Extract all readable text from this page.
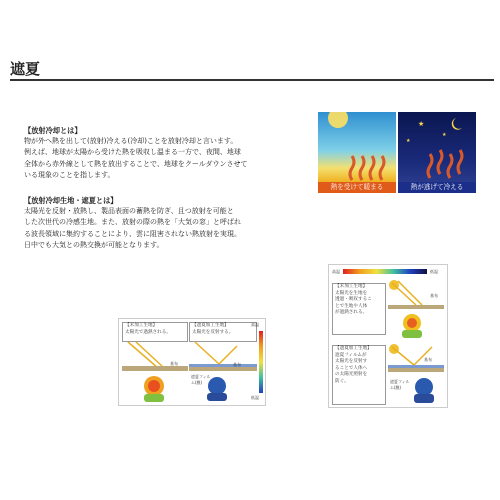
遮夏
【放射冷却とは】
物が外へ熱を出して(放射)冷える(冷却)ことを放射冷却と言います。
例えば、地球が太陽から受けた熱を吸収し温まる一方で、夜間、地球
全体から赤外線として熱を放出することで、地球をクールダウンさせて
いる現象のことを指します。
【放射冷却生地・遮夏とは】
太陽光を反射・放熱し、製品表面の蓄熱を防ぎ、且つ放射を可能と
した次世代の冷感生地。また、放射の際の熱を「大気の窓」と呼ばれ
る波長領域に集約することにより、雲に阻害されない熱放射を実現。
日中でも大気との熱交換が可能となります。
熱を受けて暖まる
★
★
★
熱が逃げて冷える
【未加工生地】
太陽光で過熱される。
基布
【遮夏加工生地】
太陽光を反射する。
基布
遮夏フィルム(膜)
高温
低温
高温	低温
【未加工生地】
太陽光を生地を
透過・吸収するこ
とで生地や人体
が過熱される。
基布
【遮夏加工生地】
遮夏フィルムが
太陽光を反射す
ることで人体へ
の太陽光照射を
防ぐ。
基布
遮夏フィルム(膜)
